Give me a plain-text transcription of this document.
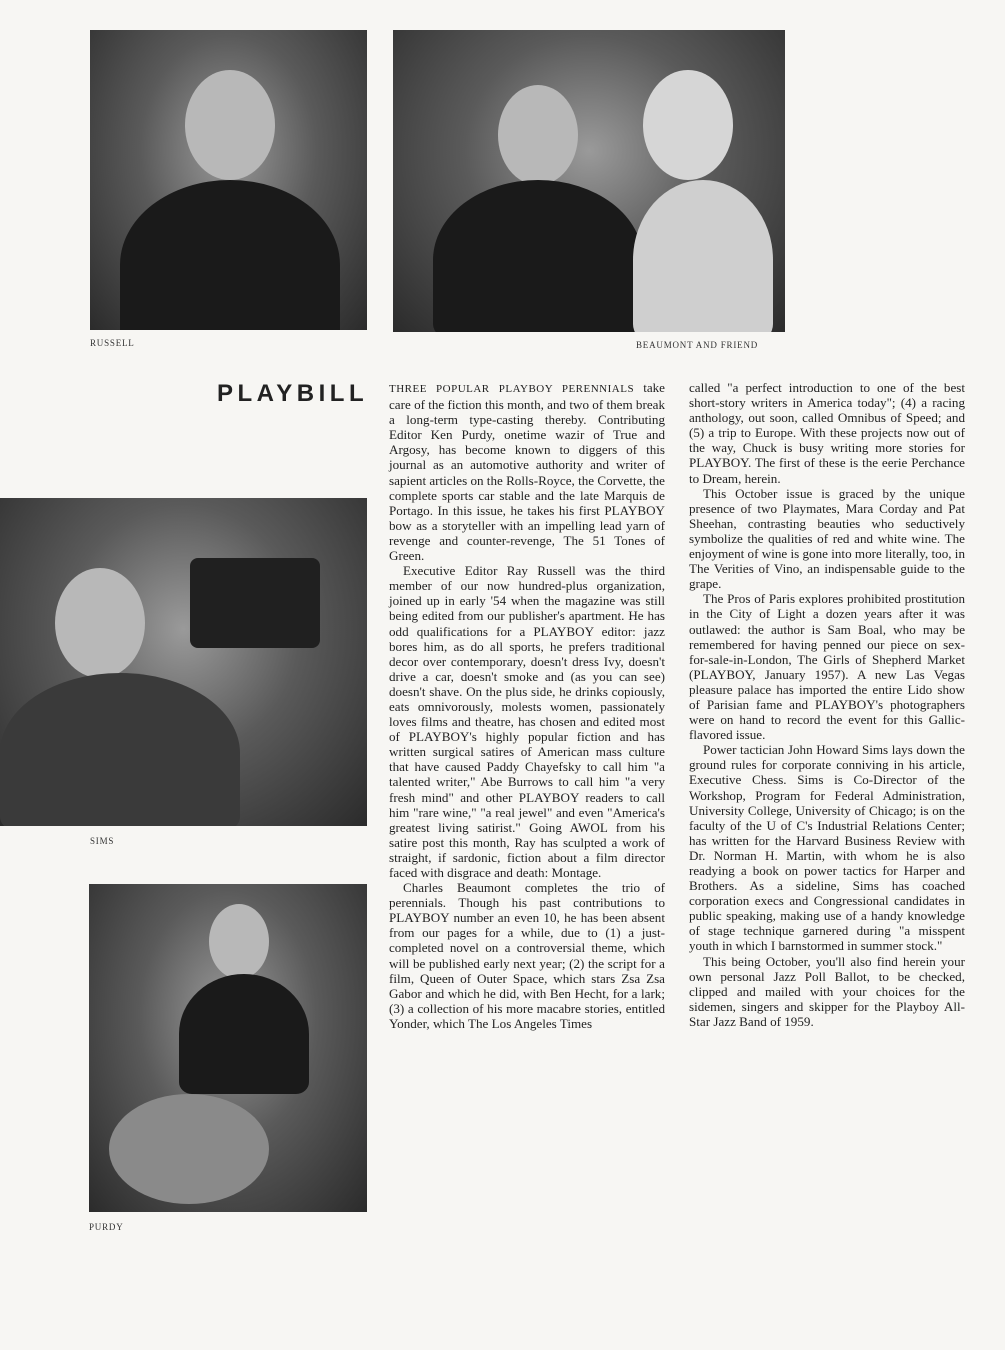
RUSSELL	BEAUMONT AND FRIEND
SIMS
PURDY
PLAYBILL THREE POPULAR PLAYBOY PERENNIALS take care of the fiction this month, and two of them break a long-term type-casting thereby. Contributing Editor Ken Purdy, onetime wazir of True and Argosy, has become known to diggers of this journal as an automotive authority and writer of sapient articles on the Rolls-Royce, the Corvette, the complete sports car stable and the late Marquis de Portago. In this issue, he takes his first PLAYBOY bow as a storyteller with an impelling lead yarn of revenge and counter-revenge, The 51 Tones of Green.

Executive Editor Ray Russell was the third member of our now hundred-plus organization, joined up in early '54 when the magazine was still being edited from our publisher's apartment. He has odd qualifications for a PLAYBOY editor: jazz bores him, as do all sports, he prefers traditional decor over contemporary, doesn't dress Ivy, doesn't drive a car, doesn't smoke and (as you can see) doesn't shave. On the plus side, he drinks copiously, eats omnivorously, molests women, passionately loves films and theatre, has chosen and edited most of PLAYBOY's highly popular fiction and has written surgical satires of American mass culture that have caused Paddy Chayefsky to call him "a talented writer," Abe Burrows to call him "a very fresh mind" and other PLAYBOY readers to call him "rare wine," "a real jewel" and even "America's greatest living satirist." Going AWOL from his satire post this month, Ray has sculpted a work of straight, if sardonic, fiction about a film director faced with disgrace and death: Montage.

Charles Beaumont completes the trio of perennials. Though his past contributions to PLAYBOY number an even 10, he has been absent from our pages for a while, due to (1) a just-completed novel on a controversial theme, which will be published early next year; (2) the script for a film, Queen of Outer Space, which stars Zsa Zsa Gabor and which he did, with Ben Hecht, for a lark; (3) a collection of his more macabre stories, entitled Yonder, which The Los Angeles Times

called "a perfect introduction to one of the best short-story writers in America today"; (4) a racing anthology, out soon, called Omnibus of Speed; and (5) a trip to Europe. With these projects now out of the way, Chuck is busy writing more stories for PLAYBOY. The first of these is the eerie Perchance to Dream, herein.

This October issue is graced by the unique presence of two Playmates, Mara Corday and Pat Sheehan, contrasting beauties who seductively symbolize the qualities of red and white wine. The enjoyment of wine is gone into more literally, too, in The Verities of Vino, an indispensable guide to the grape.

The Pros of Paris explores prohibited prostitution in the City of Light a dozen years after it was outlawed: the author is Sam Boal, who may be remembered for having penned our piece on sex-for-sale-in-London, The Girls of Shepherd Market (PLAYBOY, January 1957). A new Las Vegas pleasure palace has imported the entire Lido show of Parisian fame and PLAYBOY's photographers were on hand to record the event for this Gallic-flavored issue.

Power tactician John Howard Sims lays down the ground rules for corporate conniving in his article, Executive Chess. Sims is Co-Director of the Workshop, Program for Federal Administration, University College, University of Chicago; is on the faculty of the U of C's Industrial Relations Center; has written for the Harvard Business Review with Dr. Norman H. Martin, with whom he is also readying a book on power tactics for Harper and Brothers. As a sideline, Sims has coached corporation execs and Congressional candidates in public speaking, making use of a handy knowledge of stage technique garnered during "a misspent youth in which I barnstormed in summer stock."

This being October, you'll also find herein your own personal Jazz Poll Ballot, to be checked, clipped and mailed with your choices for the sidemen, singers and skipper for the Playboy All-Star Jazz Band of 1959.
